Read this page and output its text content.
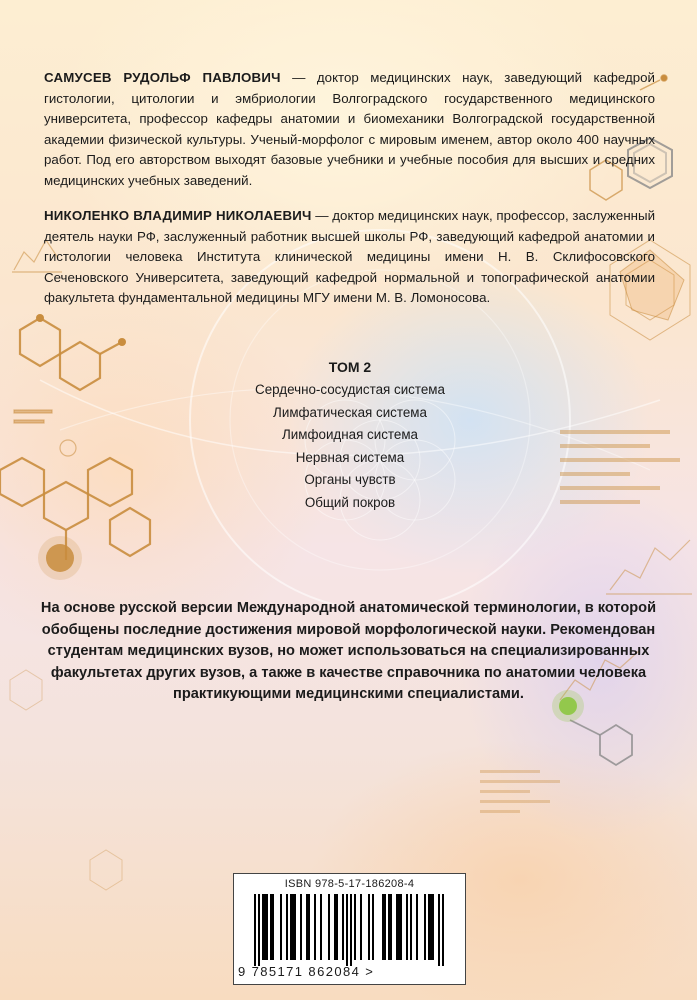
САМУСЕВ РУДОЛЬФ ПАВЛОВИЧ — доктор медицинских наук, заведующий кафедрой гистологии, цитологии и эмбриологии Волгоградского государственного медицинского университета, профессор кафедры анатомии и биомеханики Волгоградской государственной академии физической культуры. Ученый-морфолог с мировым именем, автор около 400 научных работ. Под его авторством выходят базовые учебники и учебные пособия для высших и средних медицинских учебных заведений.
НИКОЛЕНКО ВЛАДИМИР НИКОЛАЕВИЧ — доктор медицинских наук, профессор, заслуженный деятель науки РФ, заслуженный работник высшей школы РФ, заведующий кафедрой анатомии и гистологии человека Института клинической медицины имени Н. В. Склифосовского Сеченовского Университета, заведующий кафедрой нормальной и топографической анатомии факультета фундаментальной медицины МГУ имени М. В. Ломоносова.
ТОМ 2
Сердечно-сосудистая система
Лимфатическая система
Лимфоидная система
Нервная система
Органы чувств
Общий покров

На основе русской версии Международной анатомической терминологии, в которой обобщены последние достижения мировой морфологической науки. Рекомендован студентам медицинских вузов, но может использоваться на специализированных факультетах других вузов, а также в качестве справочника по анатомии человека практикующими медицинскими специалистами.

ISBN 978-5-17-186208-4
9 785171 862084 >
